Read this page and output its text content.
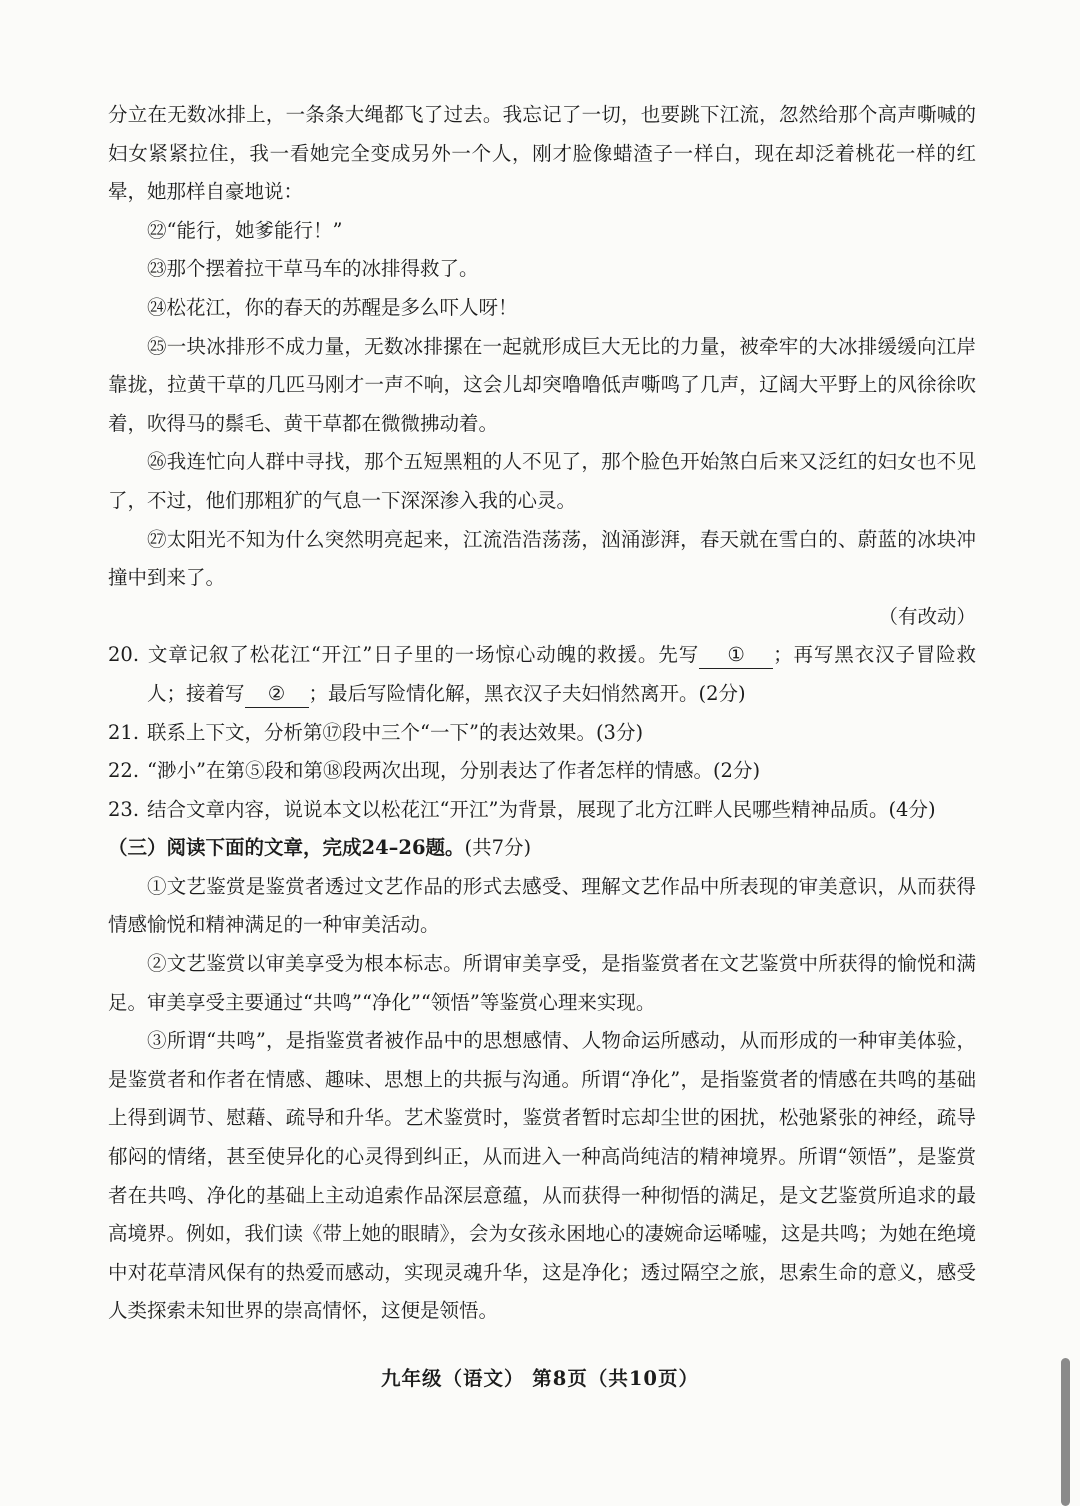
分立在无数冰排上，一条条大绳都飞了过去。我忘记了一切，也要跳下江流，忽然给那个高声嘶喊的妇女紧紧拉住，我一看她完全变成另外一个人，刚才脸像蜡渣子一样白，现在却泛着桃花一样的红晕，她那样自豪地说：

㉒“能行，她爹能行！”

㉓那个摆着拉干草马车的冰排得救了。

㉔松花江，你的春天的苏醒是多么吓人呀！

㉕一块冰排形不成力量，无数冰排摞在一起就形成巨大无比的力量，被牵牢的大冰排缓缓向江岸靠拢，拉黄干草的几匹马刚才一声不响，这会儿却突噜噜低声嘶鸣了几声，辽阔大平野上的风徐徐吹着，吹得马的鬃毛、黄干草都在微微拂动着。

㉖我连忙向人群中寻找，那个五短黑粗的人不见了，那个脸色开始煞白后来又泛红的妇女也不见了，不过，他们那粗犷的气息一下深深渗入我的心灵。

㉗太阳光不知为什么突然明亮起来，江流浩浩荡荡，汹涌澎湃，春天就在雪白的、蔚蓝的冰块冲撞中到来了。

（有改动）

20. 文章记叙了松花江“开江”日子里的一场惊心动魄的救援。先写 ① ；再写黑衣汉子冒险救人；接着写 ② ；最后写险情化解，黑衣汉子夫妇悄然离开。(2分)

21. 联系上下文，分析第⑰段中三个“一下”的表达效果。(3分)

22. “渺小”在第⑤段和第⑱段两次出现，分别表达了作者怎样的情感。(2分)

23. 结合文章内容，说说本文以松花江“开江”为背景，展现了北方江畔人民哪些精神品质。(4分)

（三）阅读下面的文章，完成24–26题。(共7分)

①文艺鉴赏是鉴赏者透过文艺作品的形式去感受、理解文艺作品中所表现的审美意识，从而获得情感愉悦和精神满足的一种审美活动。

②文艺鉴赏以审美享受为根本标志。所谓审美享受，是指鉴赏者在文艺鉴赏中所获得的愉悦和满足。审美享受主要通过“共鸣”“净化”“领悟”等鉴赏心理来实现。

③所谓“共鸣”，是指鉴赏者被作品中的思想感情、人物命运所感动，从而形成的一种审美体验，是鉴赏者和作者在情感、趣味、思想上的共振与沟通。所谓“净化”，是指鉴赏者的情感在共鸣的基础上得到调节、慰藉、疏导和升华。艺术鉴赏时，鉴赏者暂时忘却尘世的困扰，松弛紧张的神经，疏导郁闷的情绪，甚至使异化的心灵得到纠正，从而进入一种高尚纯洁的精神境界。所谓“领悟”，是鉴赏者在共鸣、净化的基础上主动追索作品深层意蕴，从而获得一种彻悟的满足，是文艺鉴赏所追求的最高境界。例如，我们读《带上她的眼睛》，会为女孩永困地心的凄婉命运唏嘘，这是共鸣；为她在绝境中对花草清风保有的热爱而感动，实现灵魂升华，这是净化；透过隔空之旅，思索生命的意义，感受人类探索未知世界的崇高情怀，这便是领悟。

九年级（语文） 第8页（共10页）
